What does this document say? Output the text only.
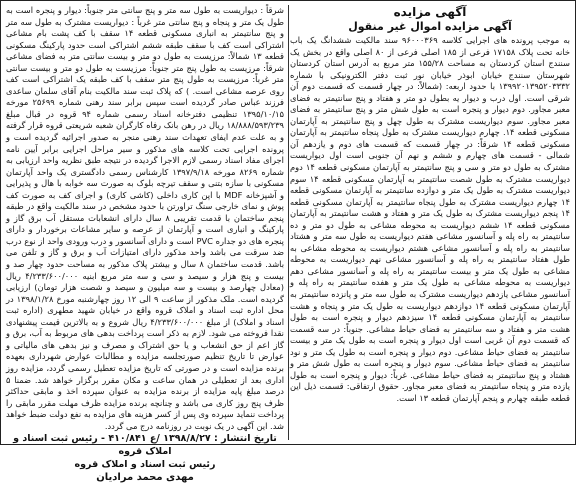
آگهی مزایده
آگهی مزایده اموال غیر منقول

به موجب پرونده های اجرایی کلاسه ۹۶۰۰۰۳۶۹ سند مالکیت ششدانگ یک باب خانه تحت پلاک ۱۷۱۵۸ فرعی از ۱۸۵ اصلی فرعی از ۸۰ اصلی واقع در بخش یک سنندج استان کردستان به مساحت ۱۵۵/۲۸ متر مربع به آدرس استان کردستان شهرستان سنندج خیابان ابوذر خیابان نور ثبت دفتر الکترونیکی با شماره ۱۳۹۹۲۰۱۳۹۵۲۰۳۳۳۲ با حدود اربعه: (شمالاً: در چهار قسمت که قسمت دوم آن شرقی است. اول درب و دیوار یه بطول دو متر و هفتاد و پنج سانتیمتر به فضای معبر مجاور. دوم دیوار و پنجره است به طول شش متر و پنج سانتیمتر به فضای معبر مجاور. سوم دیواریست مشترک به طول چهل و پنج سانتیمتر به آپارتمان مسکونی قطعه ۱۴. چهارم دیواریست مشترک به طول پنجاه سانتیمتر به آپارتمان مسکونی قطعه ۱۴ شرقاً: در چهار قسمت که قسمت های دوم و یازدهم آن شمالی - قسمت های چهارم و ششم و نهم آن جنوبی است اول دیواریست مشترک به طول دو متر و سی و پنج سانتیمتر به آپارتمان مسکونی قطعه ۱۴ دوم دیواریست مشترک به طول شصت سانتیمتر به آپارتمان مسکونی قطعه ۱۴ سوم دیواریست مشترک به طول یک متر و دوازده سانتیمتر به آپارتمان مسکونی قطعه ۱۴ چهارم دیواریست مشترک به طول پنجاه سانتیمتر به آپارتمان مسکونی قطعه ۱۴ پنجم دیواریست مشترک به طول یک متر و هفتاد و هشت سانتیمتر به آپارتمان مسکونی قطعه ۱۴ ششم دیواریست به محوطه مشاعی به طول دو متر و ده سانتیمتر به راه پله و آسانسور مشاعی هفتم دیواریست به طول سه متر و هشتاد سانتیمتر به راه پله و آسانسور مشاعی هشتم دیواریست به محوطه مشاعی به طول هفتاد سانتیمتر به راه پله و آسانسور مشاعی نهم دیواریست به محوطه مشاعی به طول یک متر و بیست سانتیمتر به راه پله و آسانسور مشاعی دهم دیواریست به محوطه مشاعی به طول یک متر و هفده سانتیمتر به راه پله و آسانسور مشاعی یازدهم دیواریست مشترک به طول سه متر و پانزده سانتیمتر به آپارتمان مسکونی قطعه ۱۴ دوازدهم دیواریست به طول یک متر و پنجاه و هشت سانتیمتر به آپارتمان مسکونی قطعه ۱۴ سیزدهم دیوار و پنجره است به طول هشت متر و هفتاد و سه سانتیمتر به فضای حیاط مشاعی. جنوباً: در سه قسمت که قسمت دوم آن غربی است اول دیوار و پنجره است به طول یک متر و بیست سانتیمتر به فضای حیاط مشاعی. دوم دیوار و پنجره است به طول یک متر و نود سانتیمتر به فضای حیاط مشاعی. سوم دیوار و پنجره است به طول شش متر و هشتاد و پنج سانتیمتر به فضای حیاط مشاعی. غرباً: دیوار و پنجره است به طول یازده متر و پنجاه سانتیمتر به فضای معبر مجاور. حقوق ارتفاقی: قسمت ذیل این قطعه طبقه چهارم و پنجم آپارتمان قطعه ۱۳ است.

شرقاً : دیواریست به طول سه متر و پنج سانتی متر جنوباً: دیوار و پنجره است به طول یک متر و پنجاه و پنج سانتی متر غرباً : دیواریست مشترک به طول سه متر و پنج سانتیمتر به انباری مسکونی قطعه ۱۴ سقف با کف پشت بام مشاعی اشتراکی است کف با سقف طبقه ششم اشتراکی است حدود پارکینگ مسکونی قطعه ۱۳ شمالاً: مرزیست به طول دو متر و بیست سانتی متر به فضای مشاعی شرقاً: مرزیست به طول پنج متر جنوباً: مرزیست به طول دو متر و بیست سانتی متر غرباً: مرزیست به طول پنج متر سقف با کف طبقه یک اشتراکی است کف روی عرصه مشاعی است. ) که پلاک ثبت سند مالکیت بنام آقای سلمان ساعدی فرزند عباس صادر گردیده است سپس برابر سند رهنی شماره ۲۵۶۹۹ مورخه ۱۳۹۵/۱۰/۱۵ تنظیمی دفترخانه اسناد رسمی شماره ۹۴ قروه در قبال مبلغ ۱۸/۸۸۸/۵۹۳/۲۳۹ ریال در رهن بانک رفاه کارگران شعبه شریعتی قروه قرار گرفته و به علت عدم ایفای تعهدات سند رهنی منجر به صدور اجرائیه گردیده است و پرونده اجرایی تحت کلاسه های مذکور و سیر مراحل اجرایی برابر آیین نامه اجرای مفاد اسناد رسمی لازم الاجرا گردیده در نتیجه طبق نظریه واحد ارزیابی به شماره ۸۲۶۹ مورخه ۱۳۹۷/۹/۱۸ کارشناس رسمی دادگستری یک واحد آپارتمان مسکونی با سازه بتنی و سقف تیرچه بلوک به صورت سه خوابه با هال و پذیرایی و آشپزخانه MDF با اپن کاری داخلی (کاشی کاری) و اجرای کف به صورت کف پوش و نمای خارجی سنگ تراورتن با حدود مشخص در سند مالکیت واقع در طبقه پنجم ساختمان با قدمت تقریبی ۸ سال دارای انشعابات مستقل آب برق گاز و پارکینگ و انباری است و آپارتمان از عرصه و سایر مشاعات برخوردار و دارای پنجره های دو جداره PVC است و دارای آسانسور و درب ورودی واحد از نوع درب ضد سرقت می باشد واحد مذکور دارای امتیازات آب و برق و گاز و تلفن می باشد. قدمت ساختمان ۸ سال و بیشتر پلاک مذکور به مساحت حدود چهار صد و بیست و پنج هزار و سیصد و سی و سه متر مربع ابنیه ۴/۲۳۳/۶۰۰/۰۰۰ ریال (معادل چهارصد و بیست و سه میلیون و سیصد و شصت هزار تومان) ارزیابی گردیده است. ملک مذکور از ساعت ۹ الی ۱۲ روز چهارشنبه مورخ ۱۳۹۸/۱/۲۸ در محل اداره ثبت اسناد و املاک قروه واقع در خیابان شهید مطهری (اداره ثبت اسناد و املاک) از مبلغ ۴/۲۳۳/۶۰۰/۰۰۰ ریال شروع و به بالاترین قیمت پیشنهادی نقدا فروخته می شود. لازم به ذکر است پرداخت بدهی های مربوط به آب، برق و گاز اعم از حق انشعاب و یا حق اشتراک و مصرف و نیز بدهی های مالیاتی و عوارض تا تاریخ تنظیم صورتجلسه مزایده و مطالبات عوارض شهرداری بعهده برنده مزایده است و در صورتی که تاریخ مزایده تعطیل رسمی گردد، مزایده روز اداری بعد از تعطیلی در همان ساعت و مکان مقرر برگزار خواهد شد. ضمنا ۵ درصد مبلغ پایه مزایده از برنده مزایده به عنوان سپرده اخذ و مابقی حداکثر ظرف پنج روز کاری می باشد و چنانچه برنده مزایده ظرف مهلت مقرر مابقی را پرداخت ننماید سپرده وی پس از کسر هزینه های مزایده به نفع دولت ضبط خواهد شد. این آگهی در یک نوبت در روزنامه درج می گردد.

تاریخ انتشار : ۱۳۹۸/۸/۲۷ /ع ۴۱۰/۸۴۱ - رئیس ثبت اسناد و املاک قروه

رئیس ثبت اسناد و املاک قروه

مهدی محمد مرادیان
